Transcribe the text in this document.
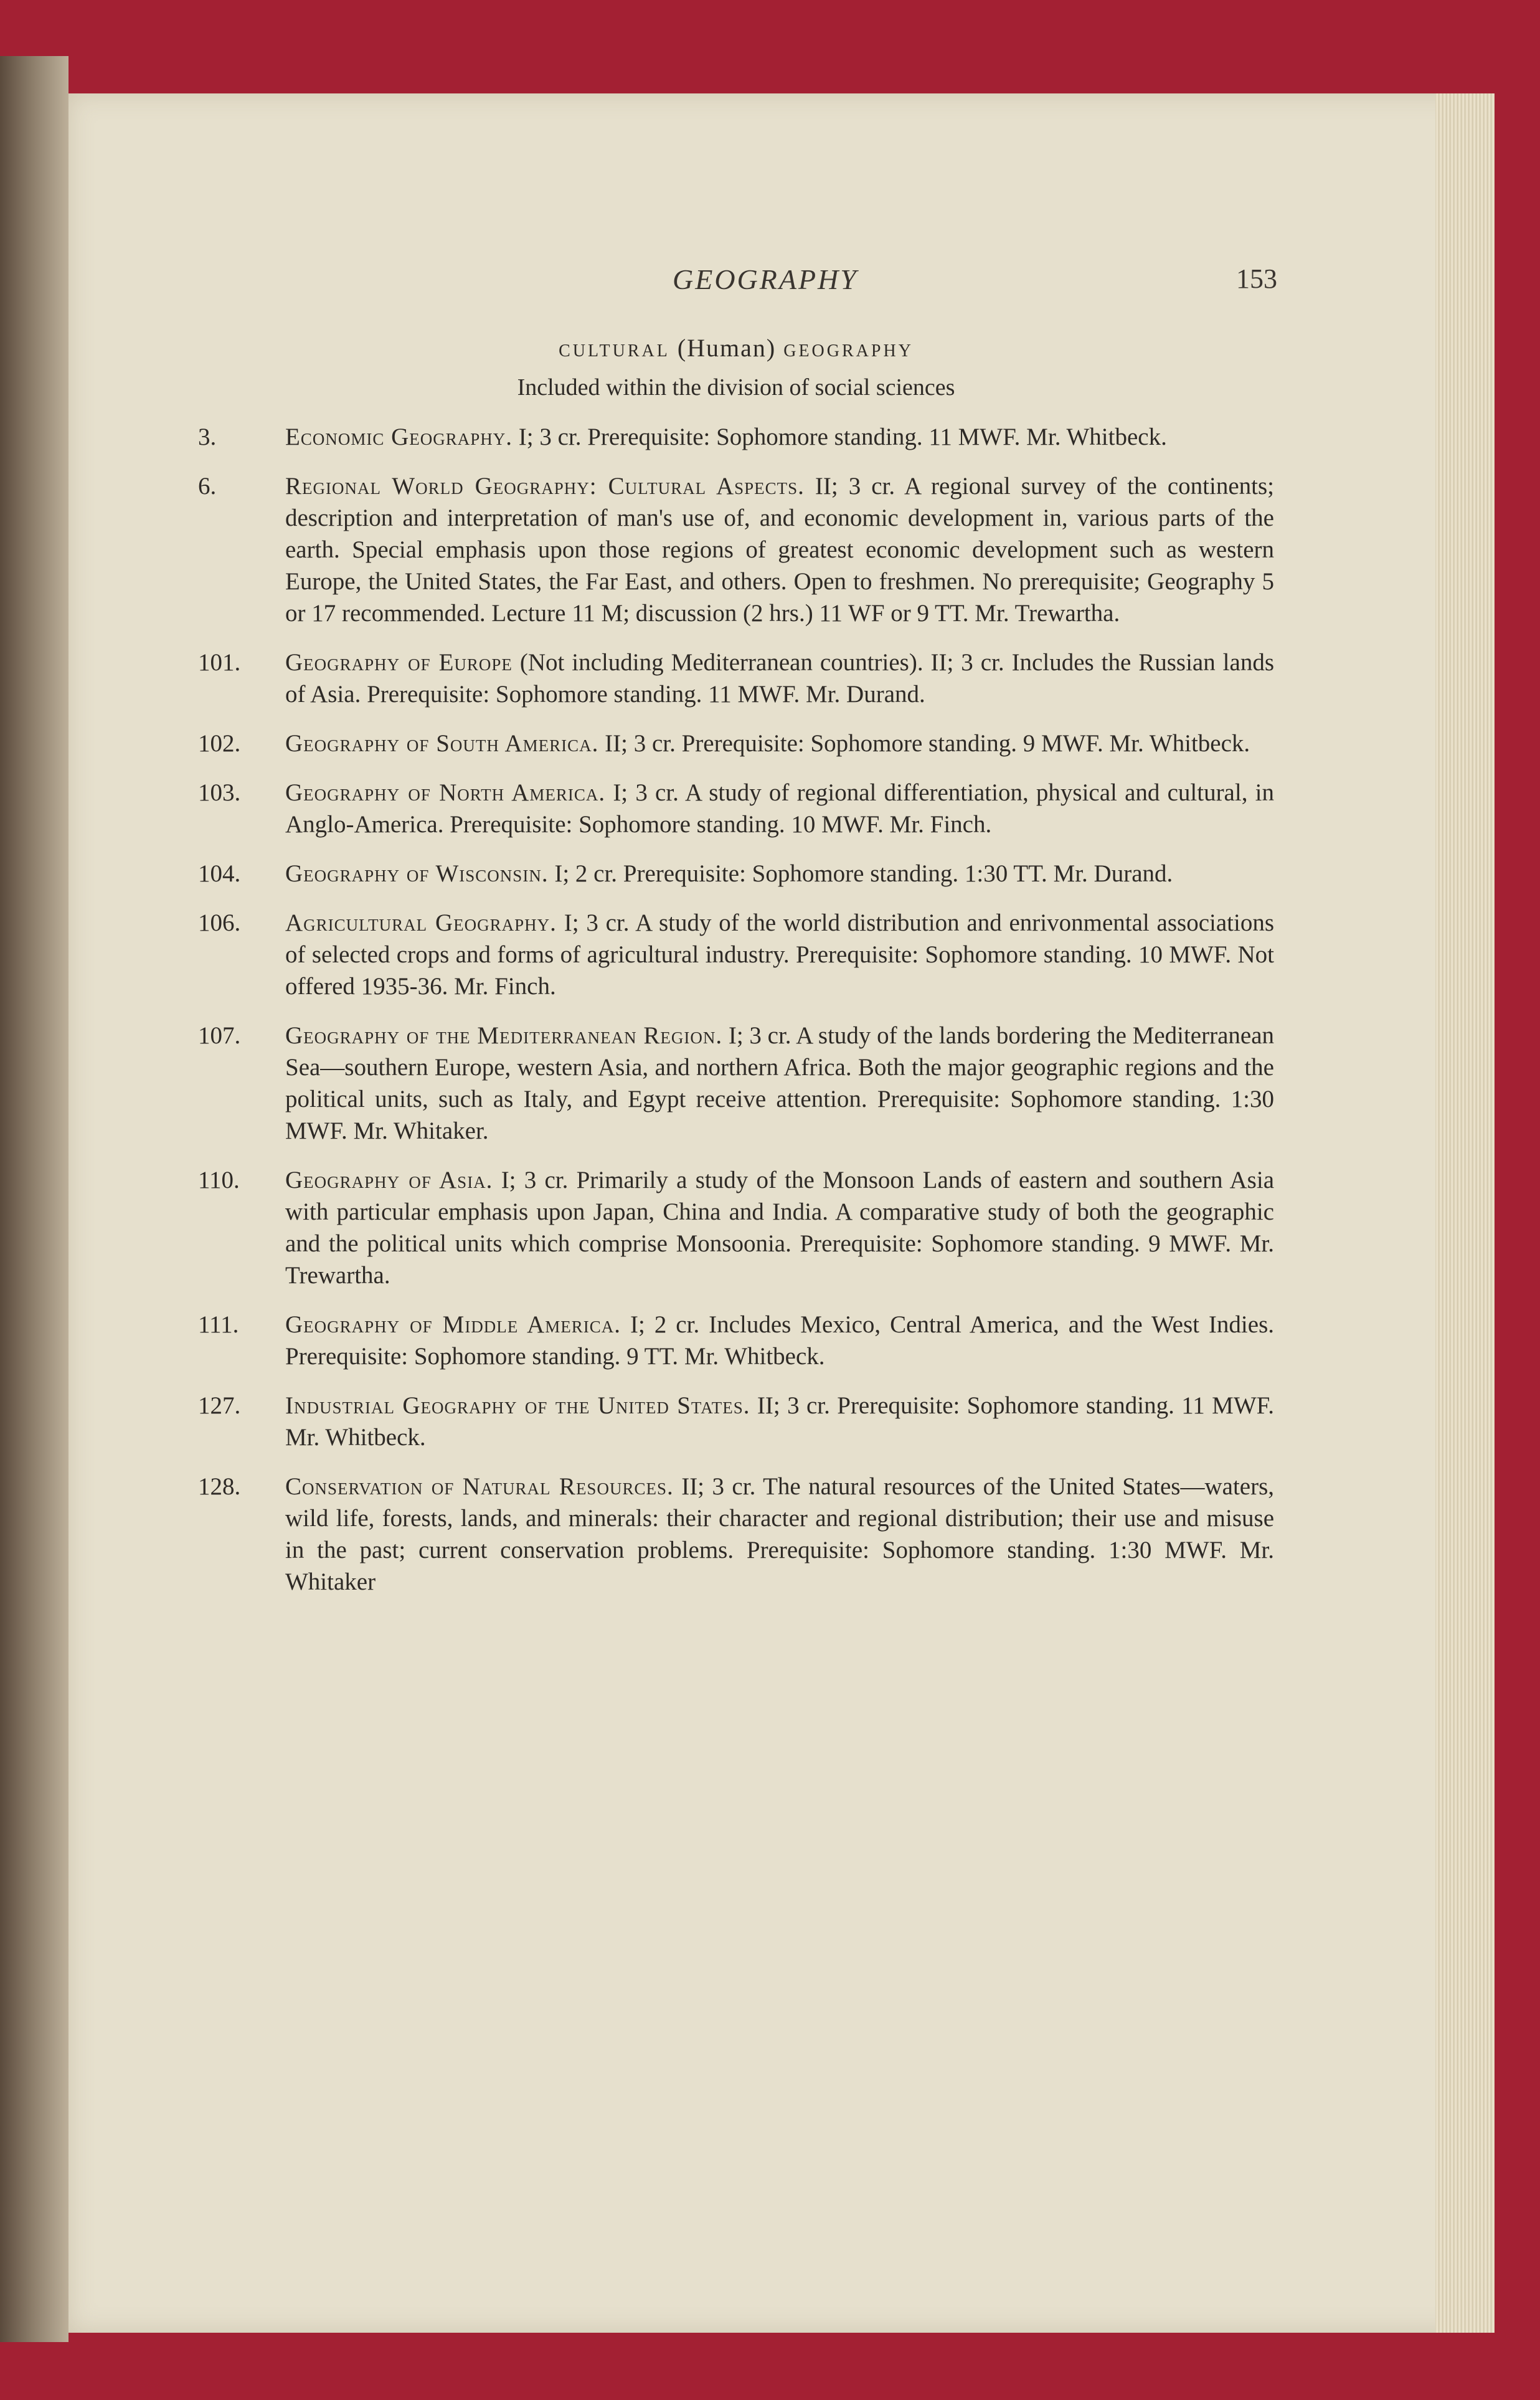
GEOGRAPHY	153
cultural (Human) geography
Included within the division of social sciences
3.	Economic Geography. I; 3 cr. Prerequisite: Sophomore standing. 11 MWF. Mr. Whitbeck.
6.	Regional World Geography: Cultural Aspects. II; 3 cr. A regional survey of the continents; description and interpretation of man's use of, and economic development in, various parts of the earth. Special emphasis upon those regions of greatest economic development such as western Europe, the United States, the Far East, and others. Open to freshmen. No prerequisite; Geography 5 or 17 recommended. Lecture 11 M; discussion (2 hrs.) 11 WF or 9 TT. Mr. Trewartha.
101. Geography of Europe (Not including Mediterranean countries). II; 3 cr. Includes the Russian lands of Asia. Prerequisite: Sophomore standing. 11 MWF. Mr. Durand.
102. Geography of South America. II; 3 cr. Prerequisite: Sophomore standing. 9 MWF. Mr. Whitbeck.
103. Geography of North America. I; 3 cr. A study of regional differentiation, physical and cultural, in Anglo-America. Prerequisite: Sophomore standing. 10 MWF. Mr. Finch.
104. Geography of Wisconsin. I; 2 cr. Prerequisite: Sophomore standing. 1:30 TT. Mr. Durand.
106. Agricultural Geography. I; 3 cr. A study of the world distribution and enrivonmental associations of selected crops and forms of agricultural industry. Prerequisite: Sophomore standing. 10 MWF. Not offered 1935-36. Mr. Finch.
107. Geography of the Mediterranean Region. I; 3 cr. A study of the lands bordering the Mediterranean Sea—southern Europe, western Asia, and northern Africa. Both the major geographic regions and the political units, such as Italy, and Egypt receive attention. Prerequisite: Sophomore standing. 1:30 MWF. Mr. Whitaker.
110. Geography of Asia. I; 3 cr. Primarily a study of the Monsoon Lands of eastern and southern Asia with particular emphasis upon Japan, China and India. A comparative study of both the geographic and the political units which comprise Monsoonia. Prerequisite: Sophomore standing. 9 MWF. Mr. Trewartha.
111. Geography of Middle America. I; 2 cr. Includes Mexico, Central America, and the West Indies. Prerequisite: Sophomore standing. 9 TT. Mr. Whitbeck.
127. Industrial Geography of the United States. II; 3 cr. Prerequisite: Sophomore standing. 11 MWF. Mr. Whitbeck.
128. Conservation of Natural Resources. II; 3 cr. The natural resources of the United States—waters, wild life, forests, lands, and minerals: their character and regional distribution; their use and misuse in the past; current conservation problems. Prerequisite: Sophomore standing. 1:30 MWF. Mr. Whitaker
